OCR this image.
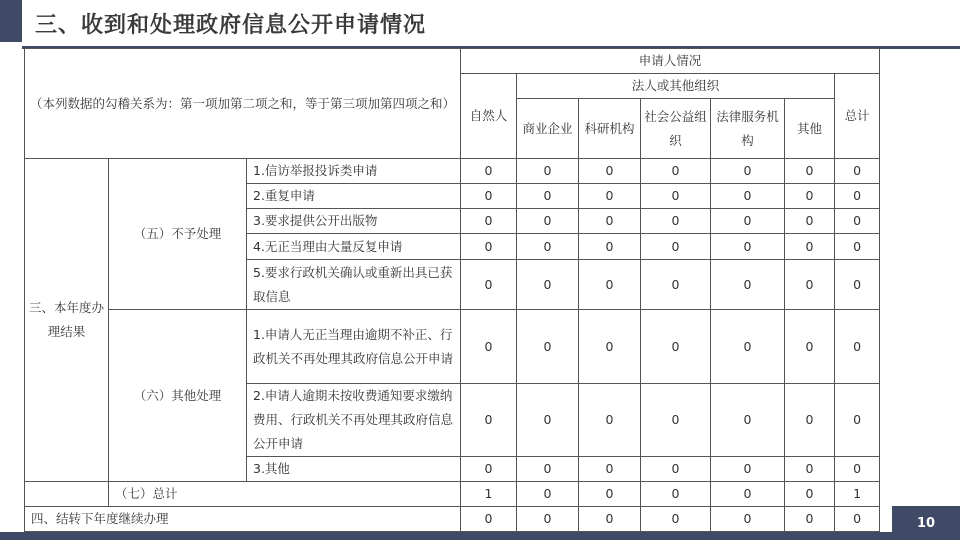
三、收到和处理政府信息公开申请情况
（本列数据的勾稽关系为：第一项加第二项之和，等于第三项加第四项之和）			申请人情况						
			自然人	法人或其他组织					总计
				商业企业	科研机构	社会公益组织	法律服务机构	其他	
三、本年度办理结果	（五）不予处理	1.信访举报投诉类申请	0	0	0	0	0	0	0
		2.重复申请	0	0	0	0	0	0	0
		3.要求提供公开出版物	0	0	0	0	0	0	0
		4.无正当理由大量反复申请	0	0	0	0	0	0	0
		5.要求行政机关确认或重新出具已获取信息	0	0	0	0	0	0	0
	（六）其他处理	1.申请人无正当理由逾期不补正、行政机关不再处理其政府信息公开申请	0	0	0	0	0	0	0
		2.申请人逾期未按收费通知要求缴纳费用、行政机关不再处理其政府信息公开申请	0	0	0	0	0	0	0
		3.其他	0	0	0	0	0	0	0
	（七）总计		1	0	0	0	0	0	1
四、结转下年度继续办理			0	0	0	0	0	0	0	10
